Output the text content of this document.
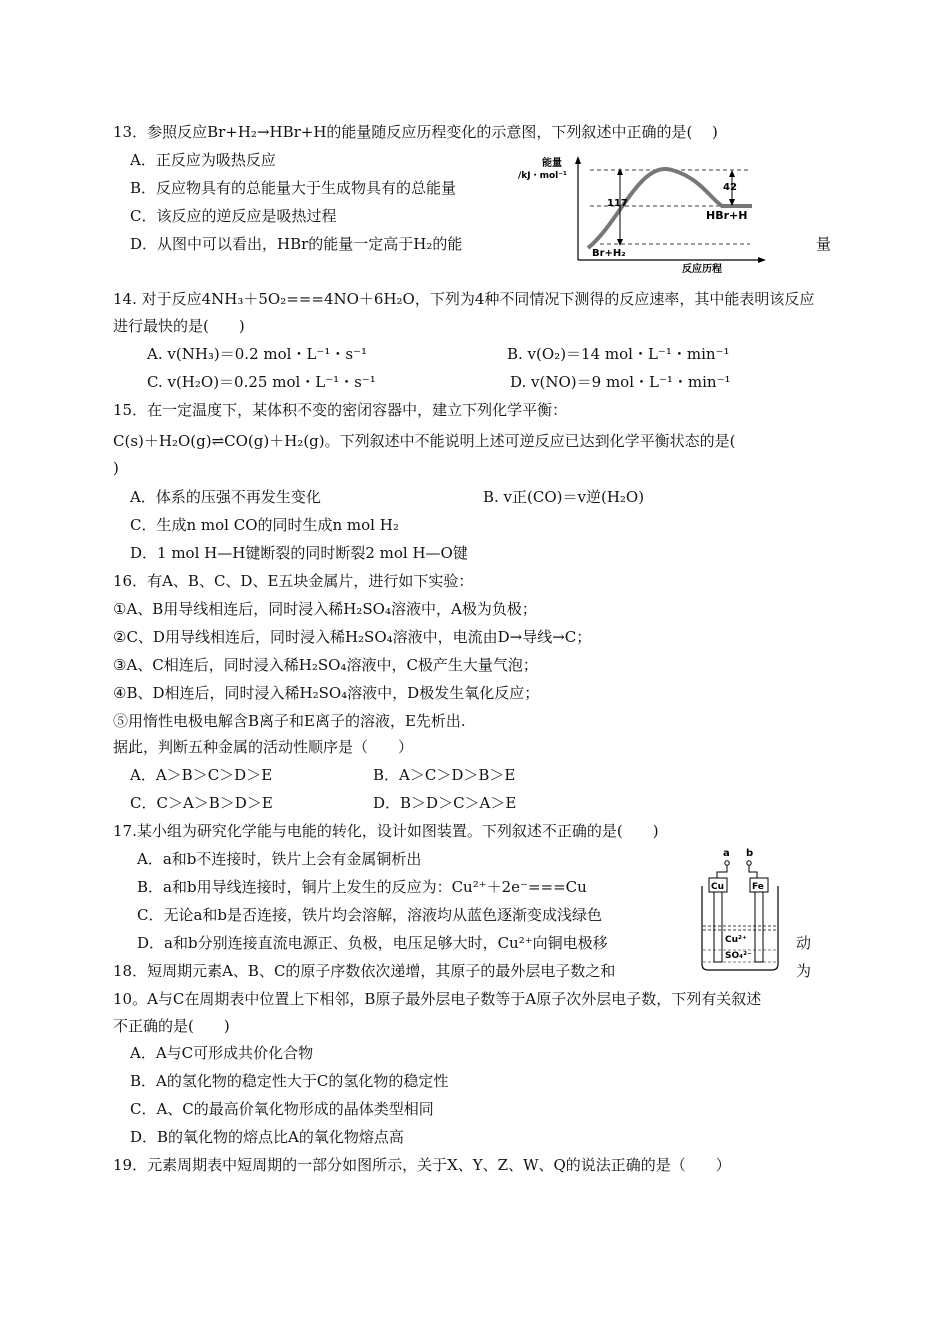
13．参照反应Br+H₂→HBr+H的能量随反应历程变化的示意图，下列叙述中正确的是(　 )
A．正反应为吸热反应
B．反应物具有的总能量大于生成物具有的总能量
C．该反应的逆反应是吸热过程
D．从图中可以看出，HBr的能量一定高于H₂的能	量
能量
/kJ・mol⁻¹
117
42
HBr+H
Br+H₂
反应历程
14. 对于反应4NH₃＋5O₂===4NO＋6H₂O，下列为4种不同情况下测得的反应速率，其中能表明该反应
进行最快的是(　　)
A. v(NH₃)＝0.2 mol・L⁻¹・s⁻¹	B. v(O₂)＝14 mol・L⁻¹・min⁻¹
C. v(H₂O)＝0.25 mol・L⁻¹・s⁻¹	D. v(NO)＝9 mol・L⁻¹・min⁻¹
15．在一定温度下，某体积不变的密闭容器中，建立下列化学平衡：
C(s)＋H₂O(g)⇌CO(g)＋H₂(g)。下列叙述中不能说明上述可逆反应已达到化学平衡状态的是(
)
A．体系的压强不再发生变化	B. v正(CO)＝v逆(H₂O)
C．生成n mol CO的同时生成n mol H₂
D．1 mol H—H键断裂的同时断裂2 mol H—O键
16．有A、B、C、D、E五块金属片，进行如下实验：
①A、B用导线相连后，同时浸入稀H₂SO₄溶液中，A极为负极；
②C、D用导线相连后，同时浸入稀H₂SO₄溶液中，电流由D→导线→C；
③A、C相连后，同时浸入稀H₂SO₄溶液中，C极产生大量气泡；
④B、D相连后，同时浸入稀H₂SO₄溶液中，D极发生氧化反应；
⑤用惰性电极电解含B离子和E离子的溶液，E先析出.
据此，判断五种金属的活动性顺序是（　　）
A．A＞B＞C＞D＞E	B．A＞C＞D＞B＞E
C．C＞A＞B＞D＞E	D．B＞D＞C＞A＞E
17.某小组为研究化学能与电能的转化，设计如图装置。下列叙述不正确的是(　　)
A．a和b不连接时，铁片上会有金属铜析出
B．a和b用导线连接时，铜片上发生的反应为：Cu²⁺＋2e⁻===Cu
C．无论a和b是否连接，铁片均会溶解，溶液均从蓝色逐渐变成浅绿色
D．a和b分别连接直流电源正、负极，电压足够大时，Cu²⁺向铜电极移	动
a b
Cu	Fe
Cu²⁺
SO₄²⁻
18．短周期元素A、B、C的原子序数依次递增，其原子的最外层电子数之和	为
10。A与C在周期表中位置上下相邻，B原子最外层电子数等于A原子次外层电子数，下列有关叙述
不正确的是(　　)
A．A与C可形成共价化合物
B．A的氢化物的稳定性大于C的氢化物的稳定性
C．A、C的最高价氧化物形成的晶体类型相同
D．B的氧化物的熔点比A的氧化物熔点高
19．元素周期表中短周期的一部分如图所示，关于X、Y、Z、W、Q的说法正确的是（　　）
